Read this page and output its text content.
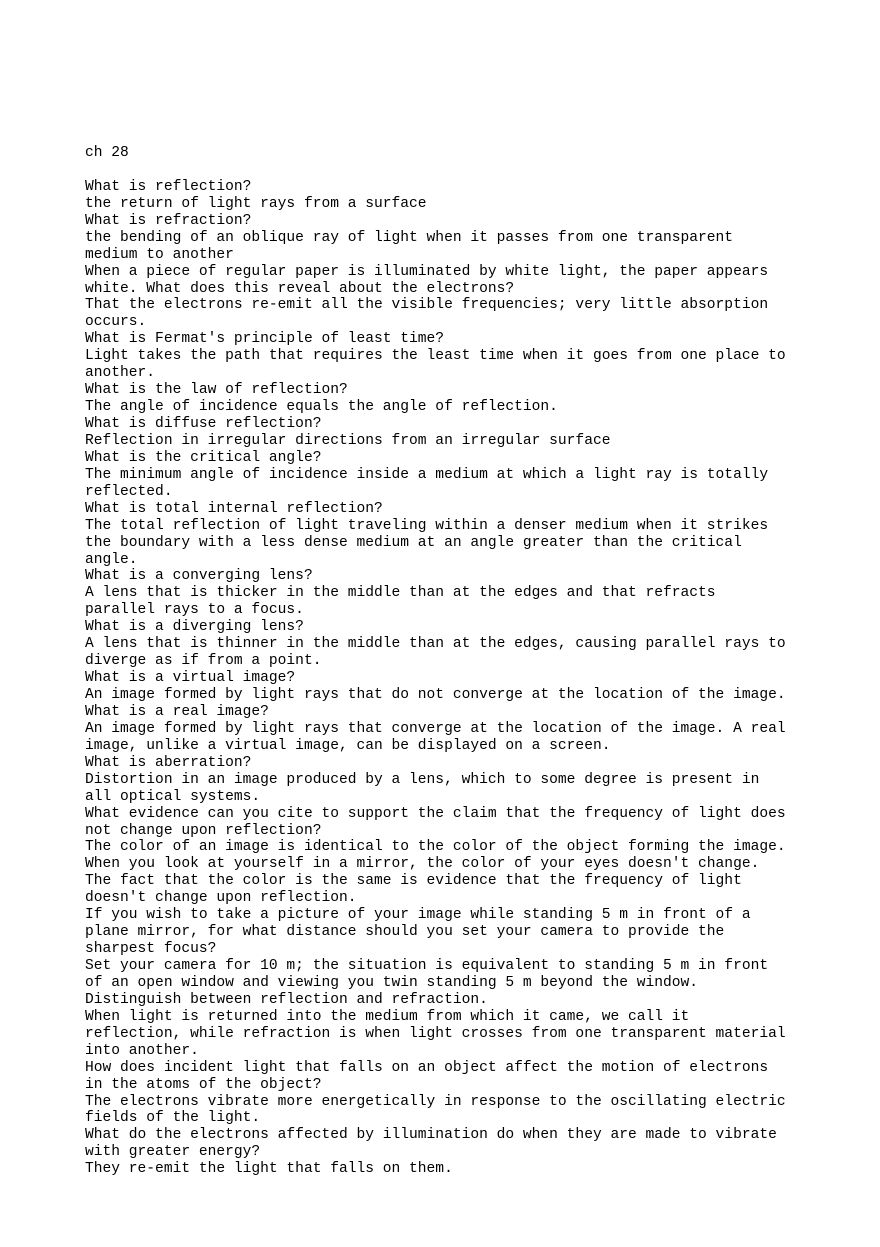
ch 28
What is reflection?
the return of light rays from a surface
What is refraction?
the bending of an oblique ray of light when it passes from one transparent
medium to another
When a piece of regular paper is illuminated by white light, the paper appears
white. What does this reveal about the electrons?
That the electrons re-emit all the visible frequencies; very little absorption
occurs.
What is Fermat's principle of least time?
Light takes the path that requires the least time when it goes from one place to
another.
What is the law of reflection?
The angle of incidence equals the angle of reflection.
What is diffuse reflection?
Reflection in irregular directions from an irregular surface
What is the critical angle?
The minimum angle of incidence inside a medium at which a light ray is totally
reflected.
What is total internal reflection?
The total reflection of light traveling within a denser medium when it strikes
the boundary with a less dense medium at an angle greater than the critical
angle.
What is a converging lens?
A lens that is thicker in the middle than at the edges and that refracts
parallel rays to a focus.
What is a diverging lens?
A lens that is thinner in the middle than at the edges, causing parallel rays to
diverge as if from a point.
What is a virtual image?
An image formed by light rays that do not converge at the location of the image.
What is a real image?
An image formed by light rays that converge at the location of the image. A real
image, unlike a virtual image, can be displayed on a screen.
What is aberration?
Distortion in an image produced by a lens, which to some degree is present in
all optical systems.
What evidence can you cite to support the claim that the frequency of light does
not change upon reflection?
The color of an image is identical to the color of the object forming the image.
When you look at yourself in a mirror, the color of your eyes doesn't change.
The fact that the color is the same is evidence that the frequency of light
doesn't change upon reflection.
If you wish to take a picture of your image while standing 5 m in front of a
plane mirror, for what distance should you set your camera to provide the
sharpest focus?
Set your camera for 10 m; the situation is equivalent to standing 5 m in front
of an open window and viewing you twin standing 5 m beyond the window.
Distinguish between reflection and refraction.
When light is returned into the medium from which it came, we call it
reflection, while refraction is when light crosses from one transparent material
into another.
How does incident light that falls on an object affect the motion of electrons
in the atoms of the object?
The electrons vibrate more energetically in response to the oscillating electric
fields of the light.
What do the electrons affected by illumination do when they are made to vibrate
with greater energy?
They re-emit the light that falls on them.
